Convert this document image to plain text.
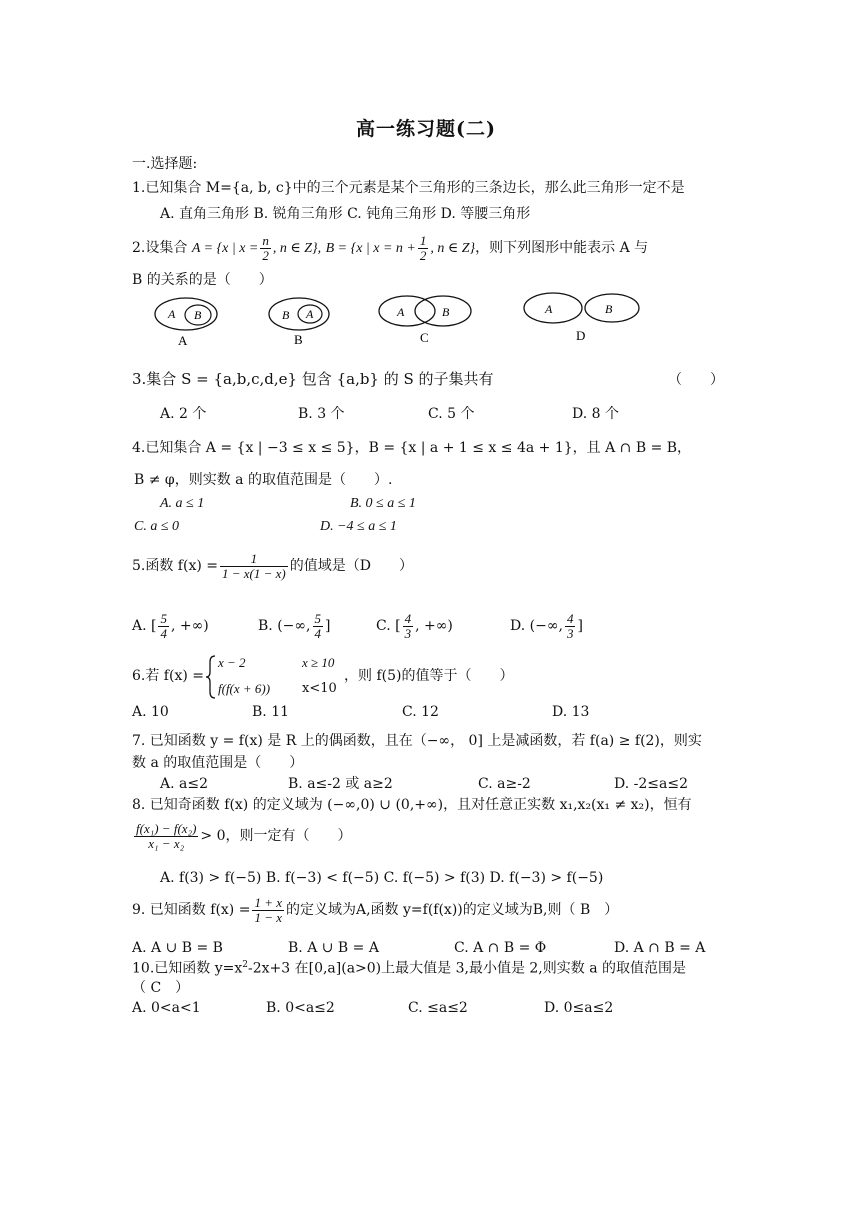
高一练习题(二)
一.选择题:
1.已知集合 M={a, b, c}中的三个元素是某个三角形的三条边长，那么此三角形一定不是
A. 直角三角形 B. 锐角三角形 C. 钝角三角形 D. 等腰三角形
2.设集合 A = {x | $x = \frac{n}{2}$ , n ∈ Z}, B = {x | $x = n + \frac{1}{2}$ , n ∈ Z}，则下列图形中能表示 A 与
B 的关系的是（　　）
A B
A
B A
B
A	B
C
A	B
D
3.集合 S = {a,b,c,d,e} 包含 {a,b} 的 S 的子集共有	（　　）
A. 2 个	B. 3 个	C. 5 个	D. 8 个
4.已知集合 A = {x | −3 ≤ x ≤ 5}，B = {x | a + 1 ≤ x ≤ 4a + 1}，且 A ∩ B = B，
B ≠ φ，则实数 a 的取值范围是（　　）.
A. a ≤ 1	B. 0 ≤ a ≤ 1
C. a ≤ 0	D. −4 ≤ a ≤ 1
5.函数 $f(x) = \frac{1}{1 - x(1 - x)}$ 的值域是（D　　）
A. [ $\frac{5}{4}$ , +∞)	B. (−∞, $\frac{5}{4}$ ]	C. [ $\frac{4}{3}$ , +∞)	D. (−∞, $\frac{4}{3}$ ]
6.若 f(x) =
x − 2	x ≥ 10
f(f(x + 6)) x<10
，则 f(5)的值等于（　　）
A. 10	B. 11	C. 12	D. 13
7. 已知函数 y = f(x) 是 R 上的偶函数，且在（−∞， 0] 上是减函数，若 f(a) ≥ f(2)，则实
数 a 的取值范围是（　　）
A. a≤2	B. a≤-2 或 a≥2	C. a≥-2	D. -2≤a≤2
8. 已知奇函数 f(x) 的定义域为 (−∞,0) ∪ (0,+∞)，且对任意正实数 x₁,x₂(x₁ ≠ x₂)，恒有
$\frac{\text{f(x₁) − f(x₂)}}{\text{x₁ − x₂}} > 0$，则一定有（　　）
A. f(3) > f(−5) B. f(−3) < f(−5) C. f(−5) > f(3) D. f(−3) > f(−5)
9. 已知函数 $f(x) = \frac{1 + x}{1 - x}$ 的定义域为A,函数 y=f(f(x))的定义域为B,则（ B　）
A. A ∪ B = B	B. A ∪ B = A	C. A ∩ B = Φ	D. A ∩ B = A
10.已知函数 $y=x^2-2x+3$ 在[0,a](a>0)上最大值是 3,最小值是 2,则实数 a 的取值范围是
（ C　）
A. 0<a<1	B. 0<a≤2	C. ≤a≤2	D. 0≤a≤2
